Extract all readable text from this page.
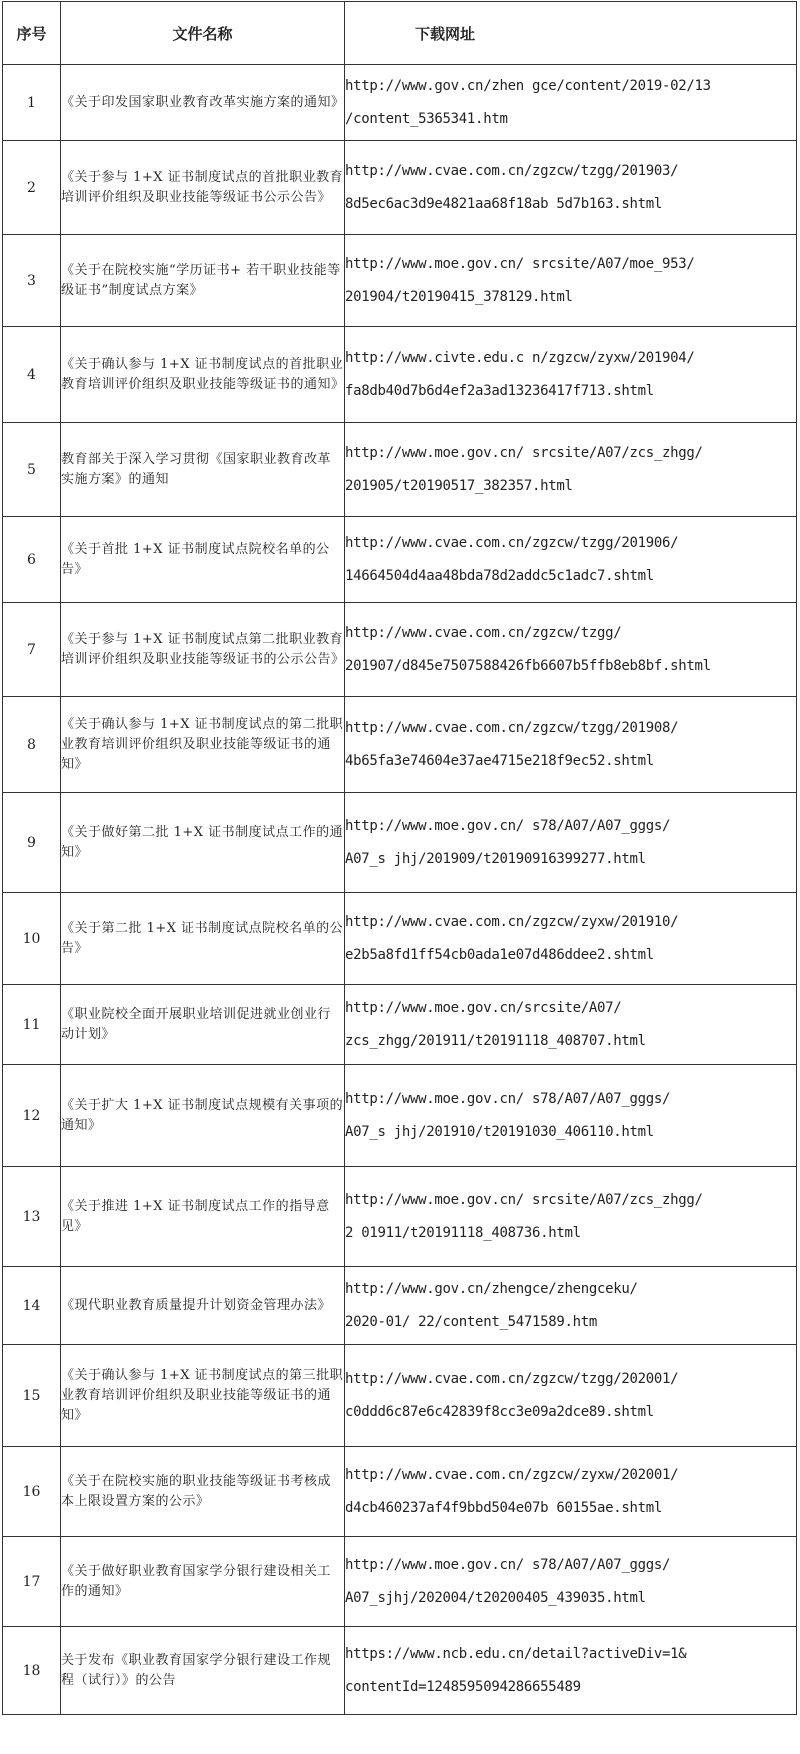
序号	文件名称	下载网址
1	《关于印发国家职业教育改革实施方案的通知》	http://www.gov.cn/zhen gce/content/2019-02/13
/content_5365341.htm

2	《关于参与 1+X 证书制度试点的首批职业教育培训评价组织及职业技能等级证书公示公告》	http://www.cvae.com.cn/zgzcw/tzgg/201903/
8d5ec6ac3d9e4821aa68f18ab 5d7b163.shtml

3	《关于在院校实施“学历证书+ 若干职业技能等级证书”制度试点方案》	http://www.moe.gov.cn/ srcsite/A07/moe_953/
201904/t20190415_378129.html

4	《关于确认参与 1+X 证书制度试点的首批职业教育培训评价组织及职业技能等级证书的通知》	http://www.civte.edu.c n/zgzcw/zyxw/201904/
fa8db40d7b6d4ef2a3ad13236417f713.shtml

5	教育部关于深入学习贯彻《国家职业教育改革实施方案》的通知	http://www.moe.gov.cn/ srcsite/A07/zcs_zhgg/
201905/t20190517_382357.html

6	《关于首批 1+X 证书制度试点院校名单的公告》	http://www.cvae.com.cn/zgzcw/tzgg/201906/
14664504d4aa48bda78d2addc5c1adc7.shtml

7	《关于参与 1+X 证书制度试点第二批职业教育培训评价组织及职业技能等级证书的公示公告》	http://www.cvae.com.cn/zgzcw/tzgg/
201907/d845e7507588426fb6607b5ffb8eb8bf.shtml

8	《关于确认参与 1+X 证书制度试点的第二批职业教育培训评价组织及职业技能等级证书的通知》	http://www.cvae.com.cn/zgzcw/tzgg/201908/
4b65fa3e74604e37ae4715e218f9ec52.shtml

9	《关于做好第二批 1+X 证书制度试点工作的通知》	http://www.moe.gov.cn/ s78/A07/A07_gggs/
A07_s jhj/201909/t20190916399277.html

10	《关于第二批 1+X 证书制度试点院校名单的公告》	http://www.cvae.com.cn/zgzcw/zyxw/201910/
e2b5a8fd1ff54cb0ada1e07d486ddee2.shtml

11	《职业院校全面开展职业培训促进就业创业行动计划》	http://www.moe.gov.cn/srcsite/A07/
zcs_zhgg/201911/t20191118_408707.html

12	《关于扩大 1+X 证书制度试点规模有关事项的通知》	http://www.moe.gov.cn/ s78/A07/A07_gggs/
A07_s jhj/201910/t20191030_406110.html

13	《关于推进 1+X 证书制度试点工作的指导意见》	http://www.moe.gov.cn/ srcsite/A07/zcs_zhgg/
2 01911/t20191118_408736.html

14	《现代职业教育质量提升计划资金管理办法》	http://www.gov.cn/zhengce/zhengceku/
2020-01/ 22/content_5471589.htm

15	《关于确认参与 1+X 证书制度试点的第三批职业教育培训评价组织及职业技能等级证书的通知》	http://www.cvae.com.cn/zgzcw/tzgg/202001/
c0ddd6c87e6c42839f8cc3e09a2dce89.shtml

16	《关于在院校实施的职业技能等级证书考核成本上限设置方案的公示》	http://www.cvae.com.cn/zgzcw/zyxw/202001/
d4cb460237af4f9bbd504e07b 60155ae.shtml

17	《关于做好职业教育国家学分银行建设相关工作的通知》	http://www.moe.gov.cn/ s78/A07/A07_gggs/
A07_sjhj/202004/t20200405_439035.html

18	关于发布《职业教育国家学分银行建设工作规程（试行）》的公告	https://www.ncb.edu.cn/detail?activeDiv=1&
contentId=1248595094286655489
